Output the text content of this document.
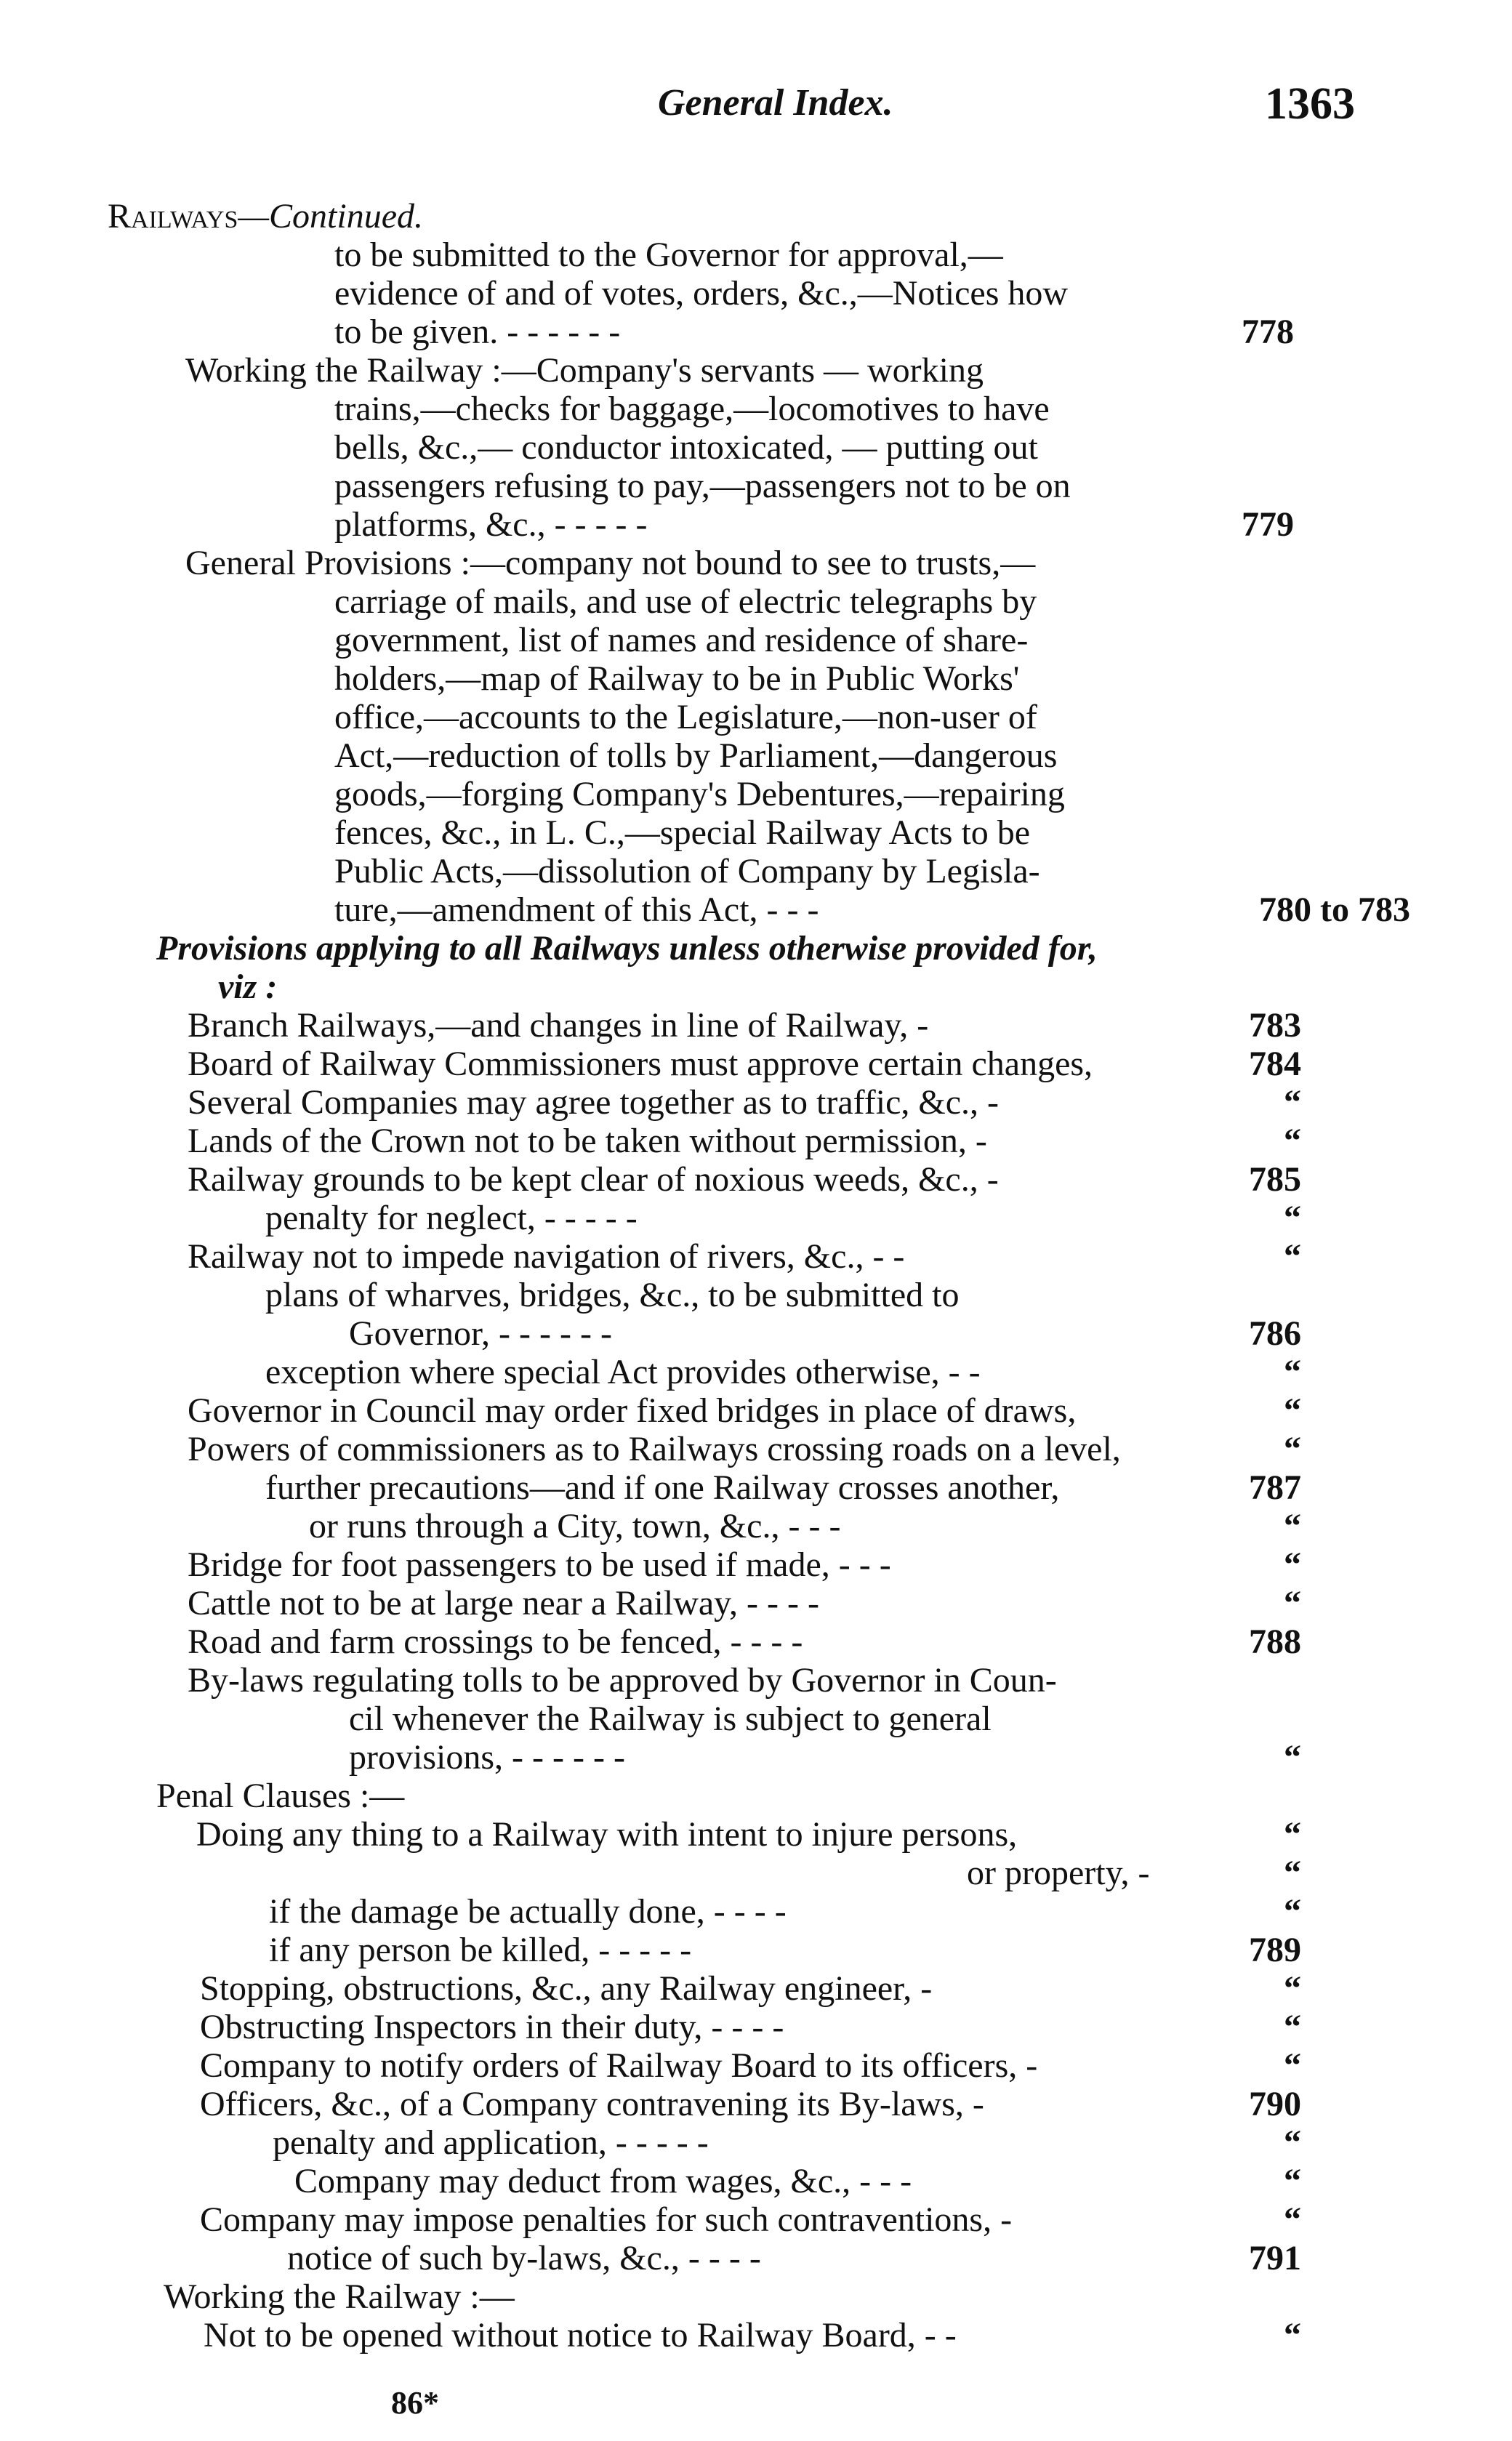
General Index.	1363
Railways—Continued.
to be submitted to the Governor for approval,—
evidence of and of votes, orders, &c.,—Notices how
to be given. - - - - - -	778
Working the Railway :—Company's servants — working
trains,—checks for baggage,—locomotives to have
bells, &c.,— conductor intoxicated, — putting out
passengers refusing to pay,—passengers not to be on
platforms, &c., - - - - -	779
General Provisions :—company not bound to see to trusts,—
carriage of mails, and use of electric telegraphs by
government, list of names and residence of share-
holders,—map of Railway to be in Public Works'
office,—accounts to the Legislature,—non-user of
Act,—reduction of tolls by Parliament,—dangerous
goods,—forging Company's Debentures,—repairing
fences, &c., in L. C.,—special Railway Acts to be
Public Acts,—dissolution of Company by Legisla-
ture,—amendment of this Act, - - -	780 to 783
Provisions applying to all Railways unless otherwise provided for,
viz :
Branch Railways,—and changes in line of Railway, -	783
Board of Railway Commissioners must approve certain changes,	784
Several Companies may agree together as to traffic, &c., -	“
Lands of the Crown not to be taken without permission, -	“
Railway grounds to be kept clear of noxious weeds, &c., -	785
penalty for neglect, - - - - -	“
Railway not to impede navigation of rivers, &c., - -	“
plans of wharves, bridges, &c., to be submitted to
Governor, - - - - - -	786
exception where special Act provides otherwise, - -	“
Governor in Council may order fixed bridges in place of draws,	“
Powers of commissioners as to Railways crossing roads on a level,	“
further precautions—and if one Railway crosses another,	787
or runs through a City, town, &c., - - -	“
Bridge for foot passengers to be used if made, - - -	“
Cattle not to be at large near a Railway, - - - -	“
Road and farm crossings to be fenced, - - - -	788
By-laws regulating tolls to be approved by Governor in Coun-
cil whenever the Railway is subject to general
provisions, - - - - - -	“
Penal Clauses :—
Doing any thing to a Railway with intent to injure persons,	“
or property, -	“
if the damage be actually done, - - - -	“
if any person be killed, - - - - -	789
Stopping, obstructions, &c., any Railway engineer, -	“
Obstructing Inspectors in their duty, - - - -	“
Company to notify orders of Railway Board to its officers, -	“
Officers, &c., of a Company contravening its By-laws, -	790
penalty and application, - - - - -	“
Company may deduct from wages, &c., - - -	“
Company may impose penalties for such contraventions, -	“
notice of such by-laws, &c., - - - -	791
Working the Railway :—
Not to be opened without notice to Railway Board, - -	“
86*
